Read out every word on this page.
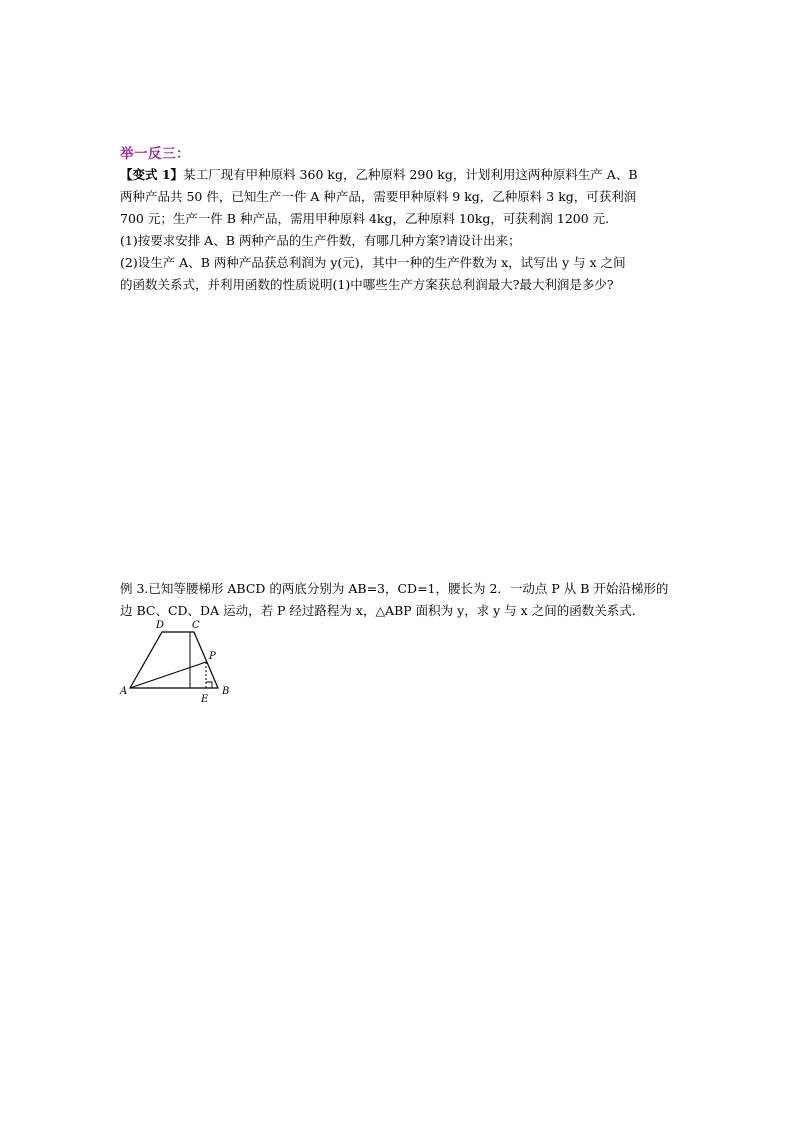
举一反三：

【变式 1】某工厂现有甲种原料 360 kg，乙种原料 290 kg，计划利用这两种原料生产 A、B

两种产品共 50 件，已知生产一件 A 种产品，需要甲种原料 9 kg，乙种原料 3 kg，可获利润

700 元；生产一件 B 种产品，需用甲种原料 4kg，乙种原料 10kg，可获利润 1200 元．

(1)按要求安排 A、B 两种产品的生产件数，有哪几种方案?请设计出来；

(2)设生产 A、B 两种产品获总利润为 y(元)，其中一种的生产件数为 x，试写出 y 与 x 之间

的函数关系式，并利用函数的性质说明(1)中哪些生产方案获总利润最大?最大利润是多少?

例 3.已知等腰梯形 ABCD 的两底分别为 AB=3，CD=1，腰长为 2．一动点 P 从 B 开始沿梯形的

边 BC、CD、DA 运动，若 P 经过路程为 x，△ABP 面积为 y，求 y 与 x 之间的函数关系式．

A	B
C
D
E
P
